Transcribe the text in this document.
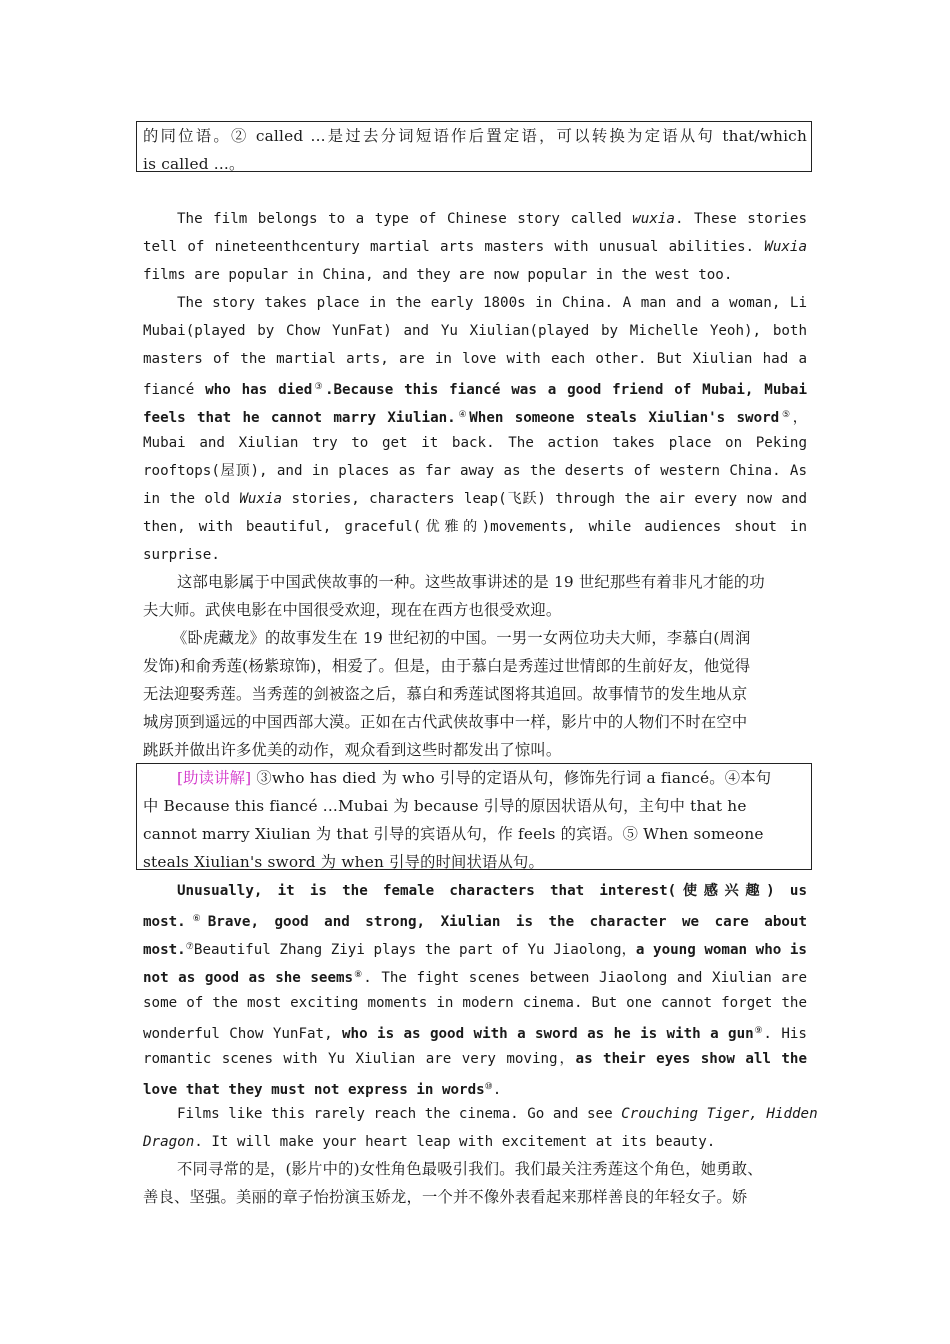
的同位语。② called ...是过去分词短语作后置定语，可以转换为定语从句 that/which
is called ...。
The film belongs to a type of Chinese story called wuxia. These stories
tell of nineteenthcentury martial arts masters with unusual abilities. Wuxia
films are popular in China, and they are now popular in the west too.
The story takes place in the early 1800s in China. A man and a woman, Li
Mubai(played by Chow YunFat) and Yu Xiulian(played by Michelle Yeoh), both
masters of the martial arts, are in love with each other. But Xiulian had a
fiancé who has died③.Because this fiancé was a good friend of Mubai, Mubai
feels that he cannot marry Xiulian.④When someone steals Xiulian's sword⑤，
Mubai and Xiulian try to get it back. The action takes place on Peking
rooftops(屋顶), and in places as far away as the deserts of western China. As
in the old Wuxia stories, characters leap(飞跃) through the air every now and
then, with beautiful, graceful(优雅的)movements, while audiences shout in
surprise.
这部电影属于中国武侠故事的一种。这些故事讲述的是 19 世纪那些有着非凡才能的功
夫大师。武侠电影在中国很受欢迎，现在在西方也很受欢迎。
《卧虎藏龙》的故事发生在 19 世纪初的中国。一男一女两位功夫大师，李慕白(周润
发饰)和俞秀莲(杨紫琼饰)，相爱了。但是，由于慕白是秀莲过世情郎的生前好友，他觉得
无法迎娶秀莲。当秀莲的剑被盗之后，慕白和秀莲试图将其追回。故事情节的发生地从京
城房顶到遥远的中国西部大漠。正如在古代武侠故事中一样，影片中的人物们不时在空中
跳跃并做出许多优美的动作，观众看到这些时都发出了惊叫。
[助读讲解] ③who has died 为 who 引导的定语从句，修饰先行词 a fiancé。④本句
中 Because this fiancé ...Mubai 为 because 引导的原因状语从句，主句中 that he
cannot marry Xiulian 为 that 引导的宾语从句，作 feels 的宾语。⑤ When someone
steals Xiulian's sword 为 when 引导的时间状语从句。
Unusually, it is the female characters that interest(使感兴趣) us
most.⑥Brave, good and strong, Xiulian is the character we care about
most.⑦Beautiful Zhang Ziyi plays the part of Yu Jiaolong，a young woman who is
not as good as she seems⑧. The fight scenes between Jiaolong and Xiulian are
some of the most exciting moments in modern cinema. But one cannot forget the
wonderful Chow YunFat, who is as good with a sword as he is with a gun⑨. His
romantic scenes with Yu Xiulian are very moving，as their eyes show all the
love that they must not express in words⑩.
Films like this rarely reach the cinema. Go and see Crouching Tiger, Hidden
Dragon. It will make your heart leap with excitement at its beauty.
不同寻常的是，(影片中的)女性角色最吸引我们。我们最关注秀莲这个角色，她勇敢、
善良、坚强。美丽的章子怡扮演玉娇龙，一个并不像外表看起来那样善良的年轻女子。娇
